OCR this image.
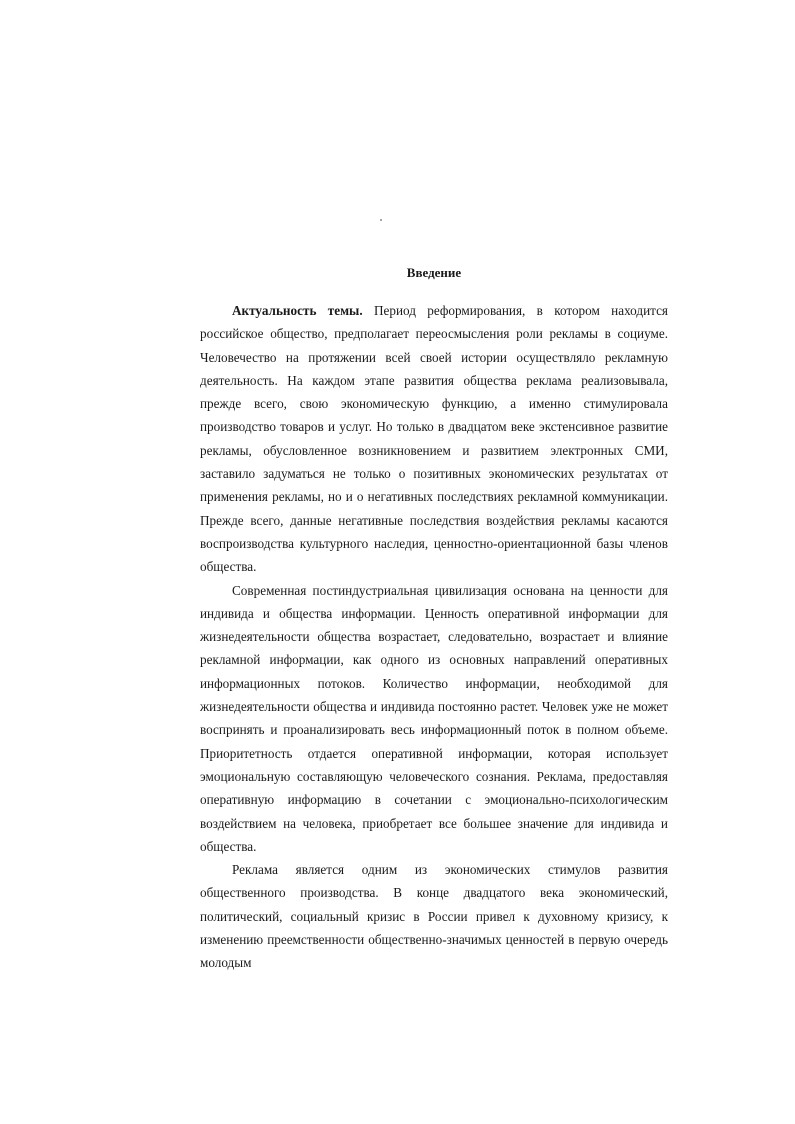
Введение

Актуальность темы. Период реформирования, в котором находится российское общество, предполагает переосмысления роли рекламы в социуме. Человечество на протяжении всей своей истории осуществляло рекламную деятельность. На каждом этапе развития общества реклама реализовывала, прежде всего, свою экономическую функцию, а именно стимулировала производство товаров и услуг. Но только в двадцатом веке экстенсивное развитие рекламы, обусловленное возникновением и развитием электронных СМИ, заставило задуматься не только о позитивных экономических результатах от применения рекламы, но и о негативных последствиях рекламной коммуникации. Прежде всего, данные негативные последствия воздействия рекламы касаются воспроизводства культурного наследия, ценностно-ориентационной базы членов общества.

Современная постиндустриальная цивилизация основана на ценности для индивида и общества информации. Ценность оперативной информации для жизнедеятельности общества возрастает, следовательно, возрастает и влияние рекламной информации, как одного из основных направлений оперативных информационных потоков. Количество информации, необходимой для жизнедеятельности общества и индивида постоянно растет. Человек уже не может воспринять и проанализировать весь информационный поток в полном объеме. Приоритетность отдается оперативной информации, которая использует эмоциональную составляющую человеческого сознания. Реклама, предоставляя оперативную информацию в сочетании с эмоционально-психологическим воздействием на человека, приобретает все большее значение для индивида и общества.

Реклама является одним из экономических стимулов развития общественного производства. В конце двадцатого века экономический, политический, социальный кризис в России привел к духовному кризису, к изменению преемственности общественно-значимых ценностей в первую очередь молодым
